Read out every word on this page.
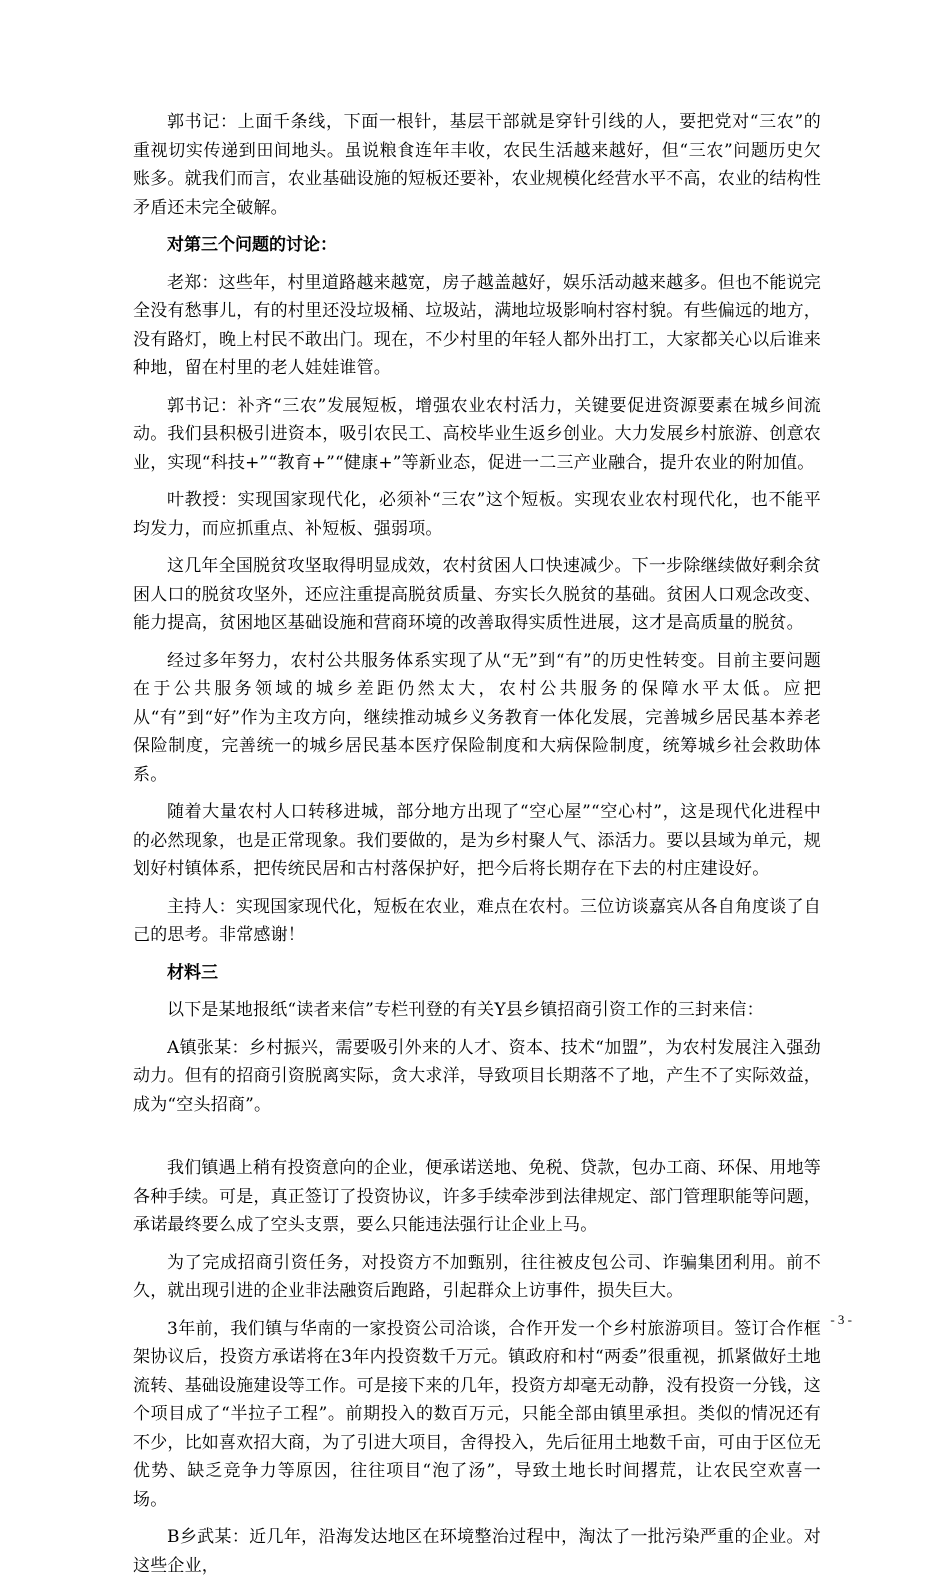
郭书记：上面千条线，下面一根针，基层干部就是穿针引线的人，要把党对“三农”的重视切实传递到田间地头。虽说粮食连年丰收，农民生活越来越好，但“三农”问题历史欠账多。就我们而言，农业基础设施的短板还要补，农业规模化经营水平不高，农业的结构性矛盾还未完全破解。

对第三个问题的讨论：

老郑：这些年，村里道路越来越宽，房子越盖越好，娱乐活动越来越多。但也不能说完全没有愁事儿，有的村里还没垃圾桶、垃圾站，满地垃圾影响村容村貌。有些偏远的地方，没有路灯，晚上村民不敢出门。现在，不少村里的年轻人都外出打工，大家都关心以后谁来种地，留在村里的老人娃娃谁管。

郭书记：补齐“三农”发展短板，增强农业农村活力，关键要促进资源要素在城乡间流动。我们县积极引进资本，吸引农民工、高校毕业生返乡创业。大力发展乡村旅游、创意农业，实现“科技+”“教育+”“健康+”等新业态，促进一二三产业融合，提升农业的附加值。

叶教授：实现国家现代化，必须补“三农”这个短板。实现农业农村现代化，也不能平均发力，而应抓重点、补短板、强弱项。

这几年全国脱贫攻坚取得明显成效，农村贫困人口快速减少。下一步除继续做好剩余贫困人口的脱贫攻坚外，还应注重提高脱贫质量、夯实长久脱贫的基础。贫困人口观念改变、能力提高，贫困地区基础设施和营商环境的改善取得实质性进展，这才是高质量的脱贫。

经过多年努力，农村公共服务体系实现了从“无”到“有”的历史性转变。目前主要问题在于公共服务领域的城乡差距仍然太大，农村公共服务的保障水平太低。应把从“有”到“好”作为主攻方向，继续推动城乡义务教育一体化发展，完善城乡居民基本养老保险制度，完善统一的城乡居民基本医疗保险制度和大病保险制度，统筹城乡社会救助体系。

随着大量农村人口转移进城，部分地方出现了“空心屋”“空心村”，这是现代化进程中的必然现象，也是正常现象。我们要做的，是为乡村聚人气、添活力。要以县域为单元，规划好村镇体系，把传统民居和古村落保护好，把今后将长期存在下去的村庄建设好。

主持人：实现国家现代化，短板在农业，难点在农村。三位访谈嘉宾从各自角度谈了自己的思考。非常感谢！

材料三

以下是某地报纸“读者来信”专栏刊登的有关Y县乡镇招商引资工作的三封来信：

A镇张某：乡村振兴，需要吸引外来的人才、资本、技术“加盟”，为农村发展注入强劲动力。但有的招商引资脱离实际，贪大求洋，导致项目长期落不了地，产生不了实际效益，成为“空头招商”。

我们镇遇上稍有投资意向的企业，便承诺送地、免税、贷款，包办工商、环保、用地等各种手续。可是，真正签订了投资协议，许多手续牵涉到法律规定、部门管理职能等问题，承诺最终要么成了空头支票，要么只能违法强行让企业上马。

为了完成招商引资任务，对投资方不加甄别，往往被皮包公司、诈骗集团利用。前不久，就出现引进的企业非法融资后跑路，引起群众上访事件，损失巨大。

3年前，我们镇与华南的一家投资公司洽谈，合作开发一个乡村旅游项目。签订合作框架协议后，投资方承诺将在3年内投资数千万元。镇政府和村“两委”很重视，抓紧做好土地流转、基础设施建设等工作。可是接下来的几年，投资方却毫无动静，没有投资一分钱，这个项目成了“半拉子工程”。前期投入的数百万元，只能全部由镇里承担。类似的情况还有不少，比如喜欢招大商，为了引进大项目，舍得投入，先后征用土地数千亩，可由于区位无优势、缺乏竞争力等原因，往往项目“泡了汤”，导致土地长时间撂荒，让农民空欢喜一场。

B乡武某：近几年，沿海发达地区在环境整治过程中，淘汰了一批污染严重的企业。对这些企业，

- 3 -
